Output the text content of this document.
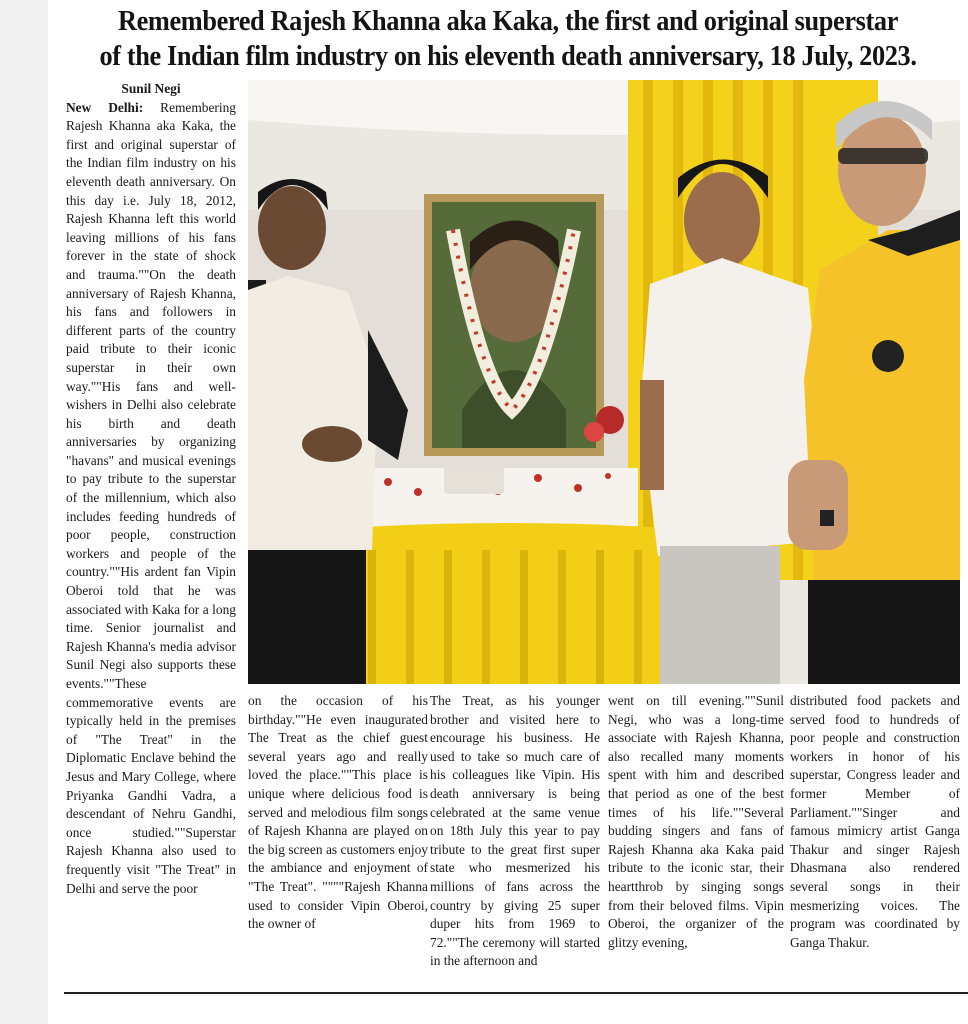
Remembered Rajesh Khanna aka Kaka, the first and original superstar
of the Indian film industry on his eleventh death anniversary, 18 July, 2023.
Sunil Negi
New Delhi: Remembering Rajesh Khanna aka Kaka, the first and original superstar of the Indian film industry on his eleventh death anniversary. On this day i.e. July 18, 2012, Rajesh Khanna left this world leaving millions of his fans forever in the state of shock and trauma.""On the death anniversary of Rajesh Khanna, his fans and followers in different parts of the country paid tribute to their iconic superstar in their own way.""His fans and well-wishers in Delhi also celebrate his birth and death anniversaries by organizing "havans" and musical evenings to pay tribute to the superstar of the millennium, which also includes feeding hundreds of poor people, construction workers and people of the country.""His ardent fan Vipin Oberoi told that he was associated with Kaka for a long time. Senior journalist and Rajesh Khanna's media advisor Sunil Negi also supports these events.""These commemorative events are typically held in the premises of "The Treat" in the Diplomatic Enclave behind the Jesus and Mary College, where Priyanka Gandhi Vadra, a descendant of Nehru Gandhi, once studied.""Superstar Rajesh Khanna also used to frequently visit "The Treat" in Delhi and serve the poor
on the occasion of his birthday.""He even inaugurated The Treat as the chief guest several years ago and really loved the place.""This place is unique where delicious food is served and melodious film songs of Rajesh Khanna are played on the big screen as customers enjoy the ambiance and enjoyment of "The Treat". """"Rajesh Khanna used to consider Vipin Oberoi, the owner of
The Treat, as his younger brother and visited here to encourage his business. He used to take so much care of his colleagues like Vipin. His death anniversary is being celebrated at the same venue on 18th July this year to pay tribute to the great first super state who mesmerized his millions of fans across the country by giving 25 super duper hits from 1969 to 72.""The ceremony will started in the afternoon and
went on till evening.""Sunil Negi, who was a long-time associate with Rajesh Khanna, also recalled many moments spent with him and described that period as one of the best times of his life.""Several budding singers and fans of Rajesh Khanna aka Kaka paid tribute to the iconic star, their heartthrob by singing songs from their beloved films. Vipin Oberoi, the organizer of the glitzy evening,
distributed food packets and served food to hundreds of poor people and construction workers in honor of his superstar, Congress leader and former Member of Parliament.""Singer and famous mimicry artist Ganga Thakur and singer Rajesh Dhasmana also rendered several songs in their mesmerizing voices. The program was coordinated by Ganga Thakur.
